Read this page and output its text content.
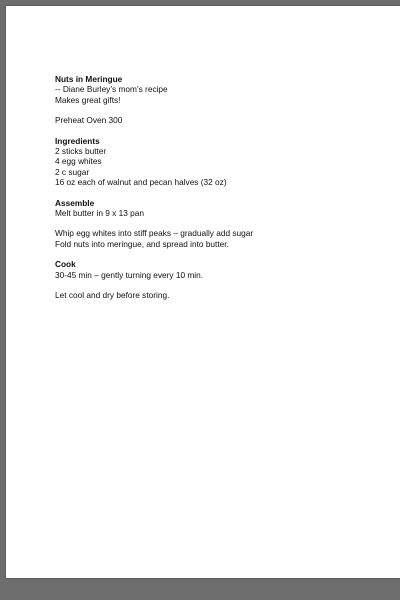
Nuts in Meringue
-- Diane Burley’s mom’s recipe
Makes great gifts!
Preheat Oven 300
Ingredients
2 sticks butter
4 egg whites
2 c sugar
16 oz each of walnut and pecan halves (32 oz)
Assemble
Melt butter in 9 x 13 pan
Whip egg whites into stiff peaks – gradually add sugar
Fold nuts into meringue, and spread into butter.
Cook
30-45 min – gently turning every 10 min.
Let cool and dry before storing.
